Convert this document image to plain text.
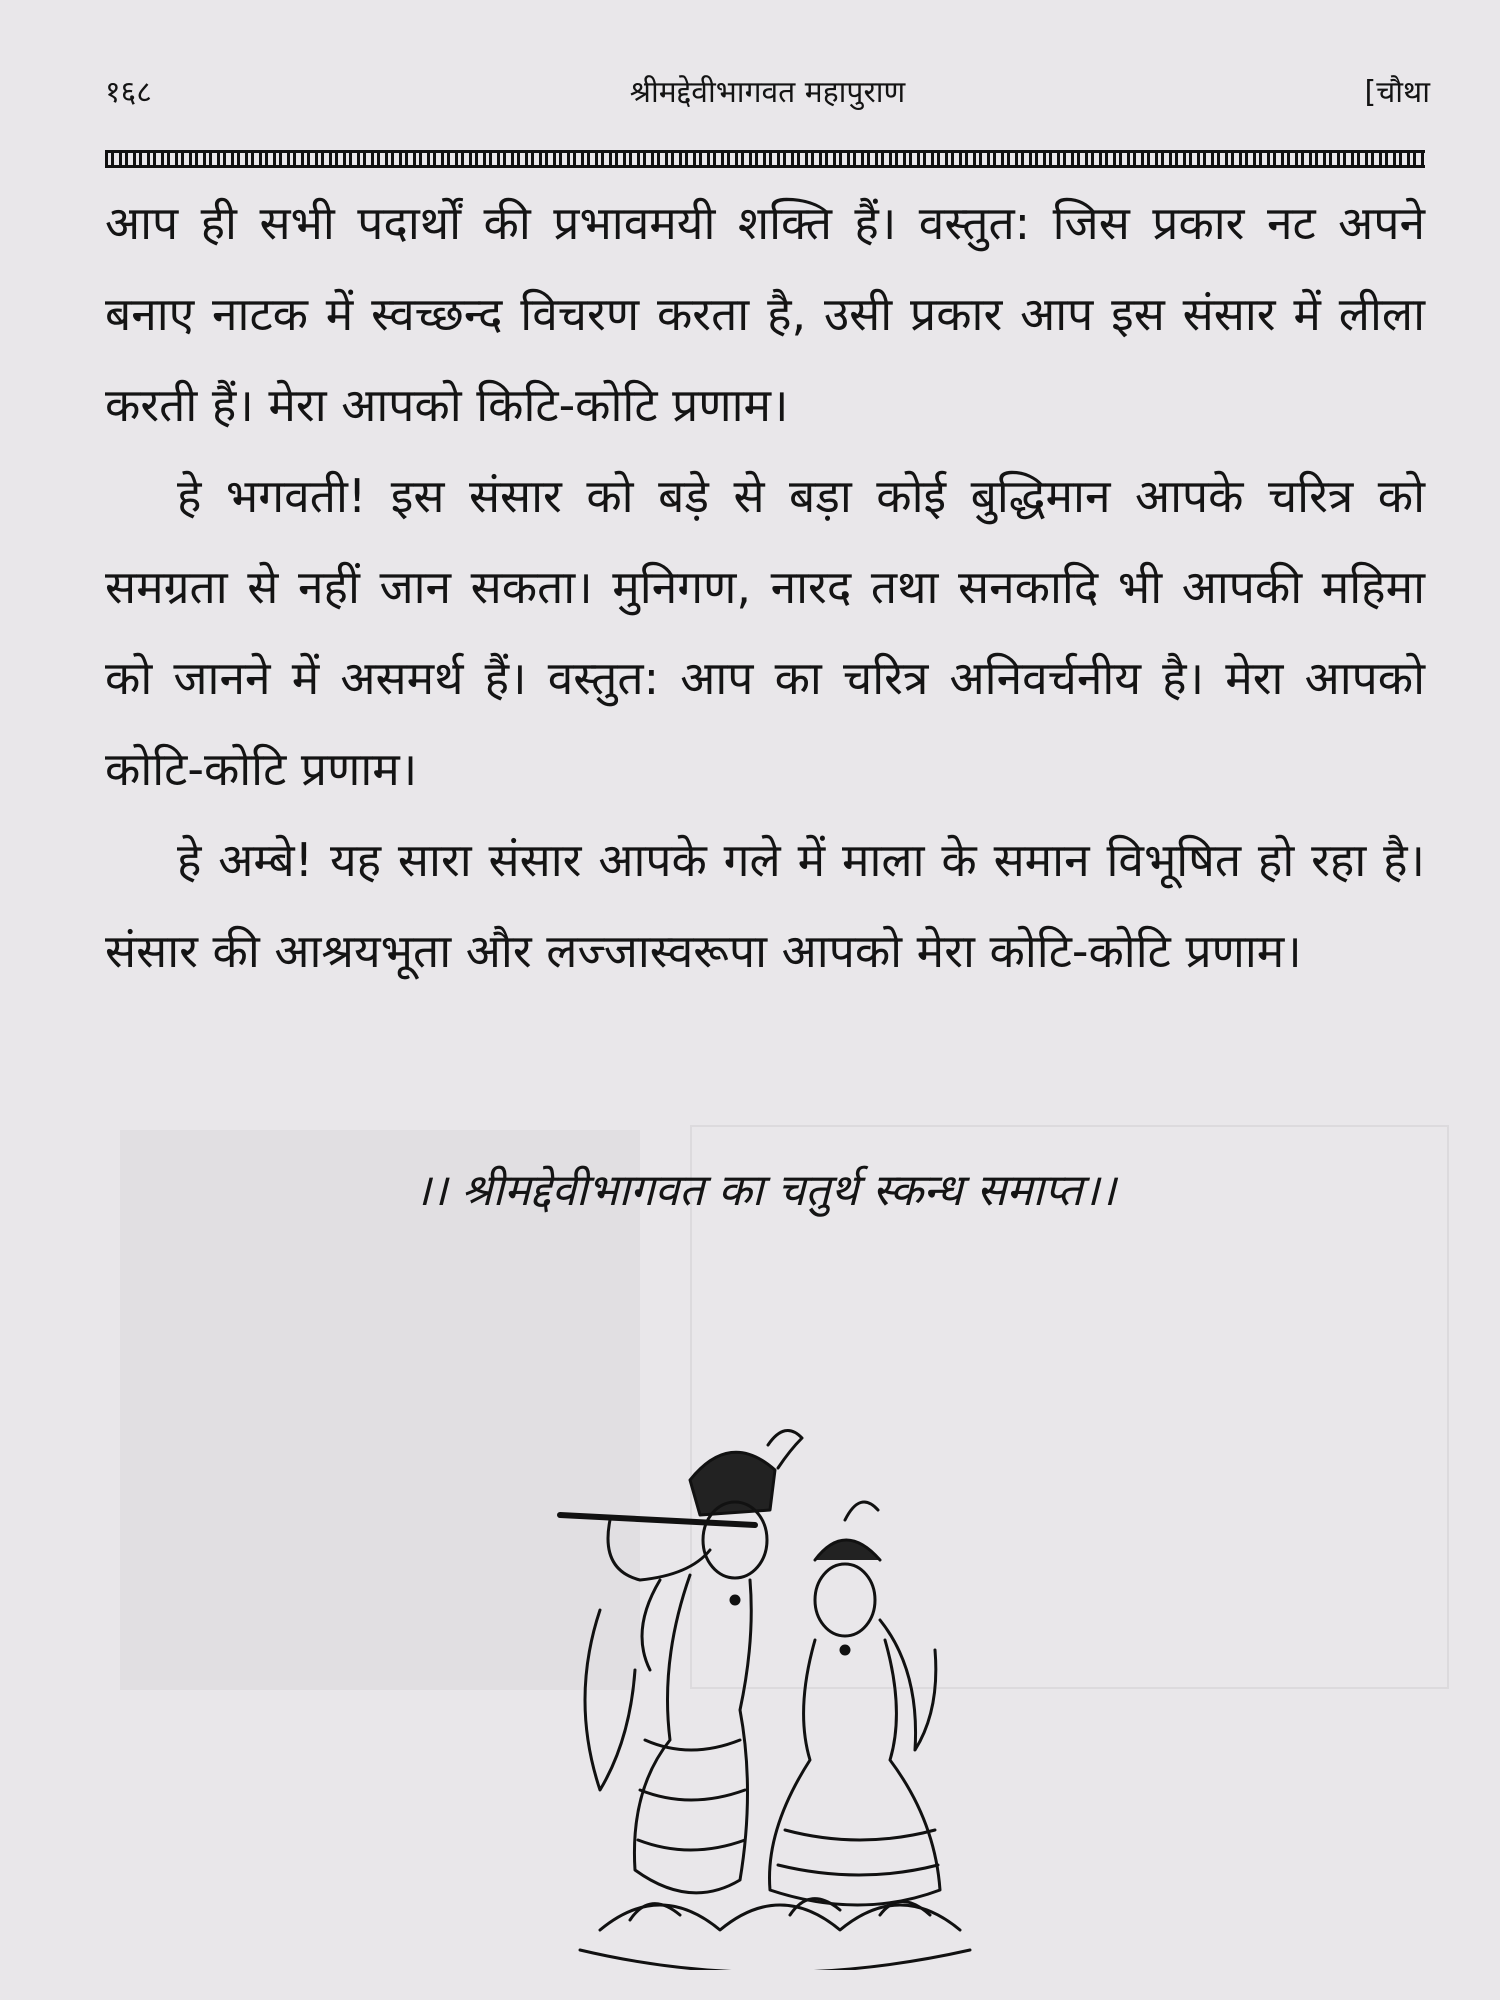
१६८	श्रीमद्देवीभागवत महापुराण	[चौथा

आप ही सभी पदार्थों की प्रभावमयी शक्ति हैं। वस्तुत: जिस प्रकार नट अपने बनाए नाटक में स्वच्छन्द विचरण करता है, उसी प्रकार आप इस संसार में लीला करती हैं। मेरा आपको किटि-कोटि प्रणाम।

हे भगवती! इस संसार को बड़े से बड़ा कोई बुद्धिमान आपके चरित्र को समग्रता से नहीं जान सकता। मुनिगण, नारद तथा सनकादि भी आपकी महिमा को जानने में असमर्थ हैं। वस्तुत: आप का चरित्र अनिवर्चनीय है। मेरा आपको कोटि-कोटि प्रणाम।

हे अम्बे! यह सारा संसार आपके गले में माला के समान विभूषित हो रहा है। संसार की आश्रयभूता और लज्जास्वरूपा आपको मेरा कोटि-कोटि प्रणाम।

।। श्रीमद्देवीभागवत का चतुर्थ स्कन्ध समाप्त।।
